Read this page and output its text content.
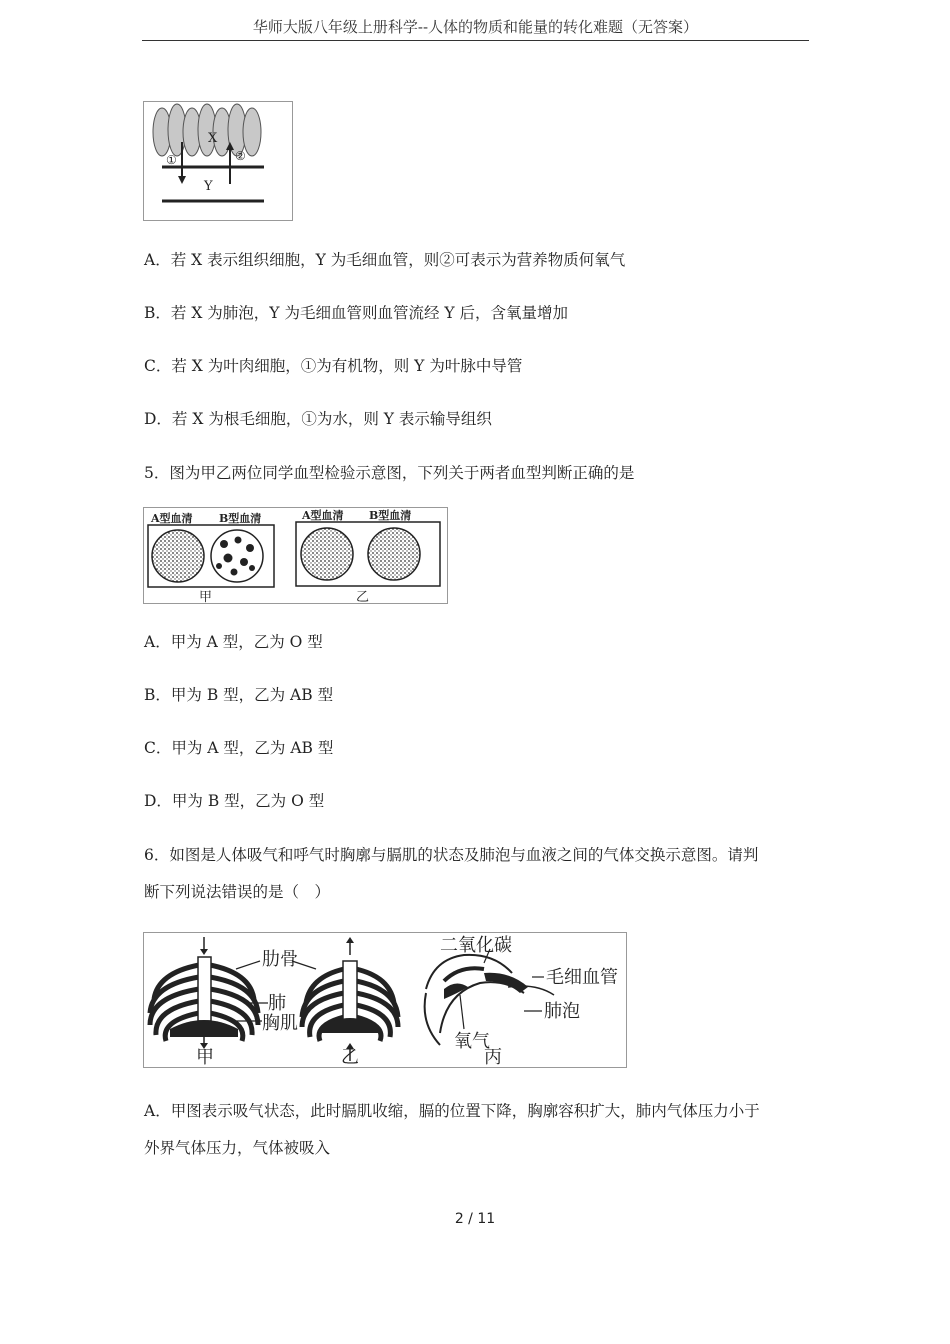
华师大版八年级上册科学--人体的物质和能量的转化难题（无答案）
X
①	②
Y
A．若 X 表示组织细胞，Y 为毛细血管，则②可表示为营养物质何氧气
B．若 X 为肺泡，Y 为毛细血管则血管流经 Y 后，含氧量增加
C．若 X 为叶肉细胞，①为有机物，则 Y 为叶脉中导管
D．若 X 为根毛细胞，①为水，则 Y 表示输导组织
5．图为甲乙两位同学血型检验示意图，下列关于两者血型判断正确的是
A型血清 B型血清	A型血清 B型血清
甲	乙
A．甲为 A 型，乙为 O 型
B．甲为 B 型，乙为 AB 型
C．甲为 A 型，乙为 AB 型
D．甲为 B 型，乙为 O 型
6．如图是人体吸气和呼气时胸廓与膈肌的状态及肺泡与血液之间的气体交换示意图。请判
断下列说法错误的是（　）
肋骨
肺
胸肌
二氧化碳
毛细血管
肺泡
氧气
甲	乙	丙
A．甲图表示吸气状态，此时膈肌收缩，膈的位置下降，胸廓容积扩大，肺内气体压力小于
外界气体压力，气体被吸入
2 / 11
